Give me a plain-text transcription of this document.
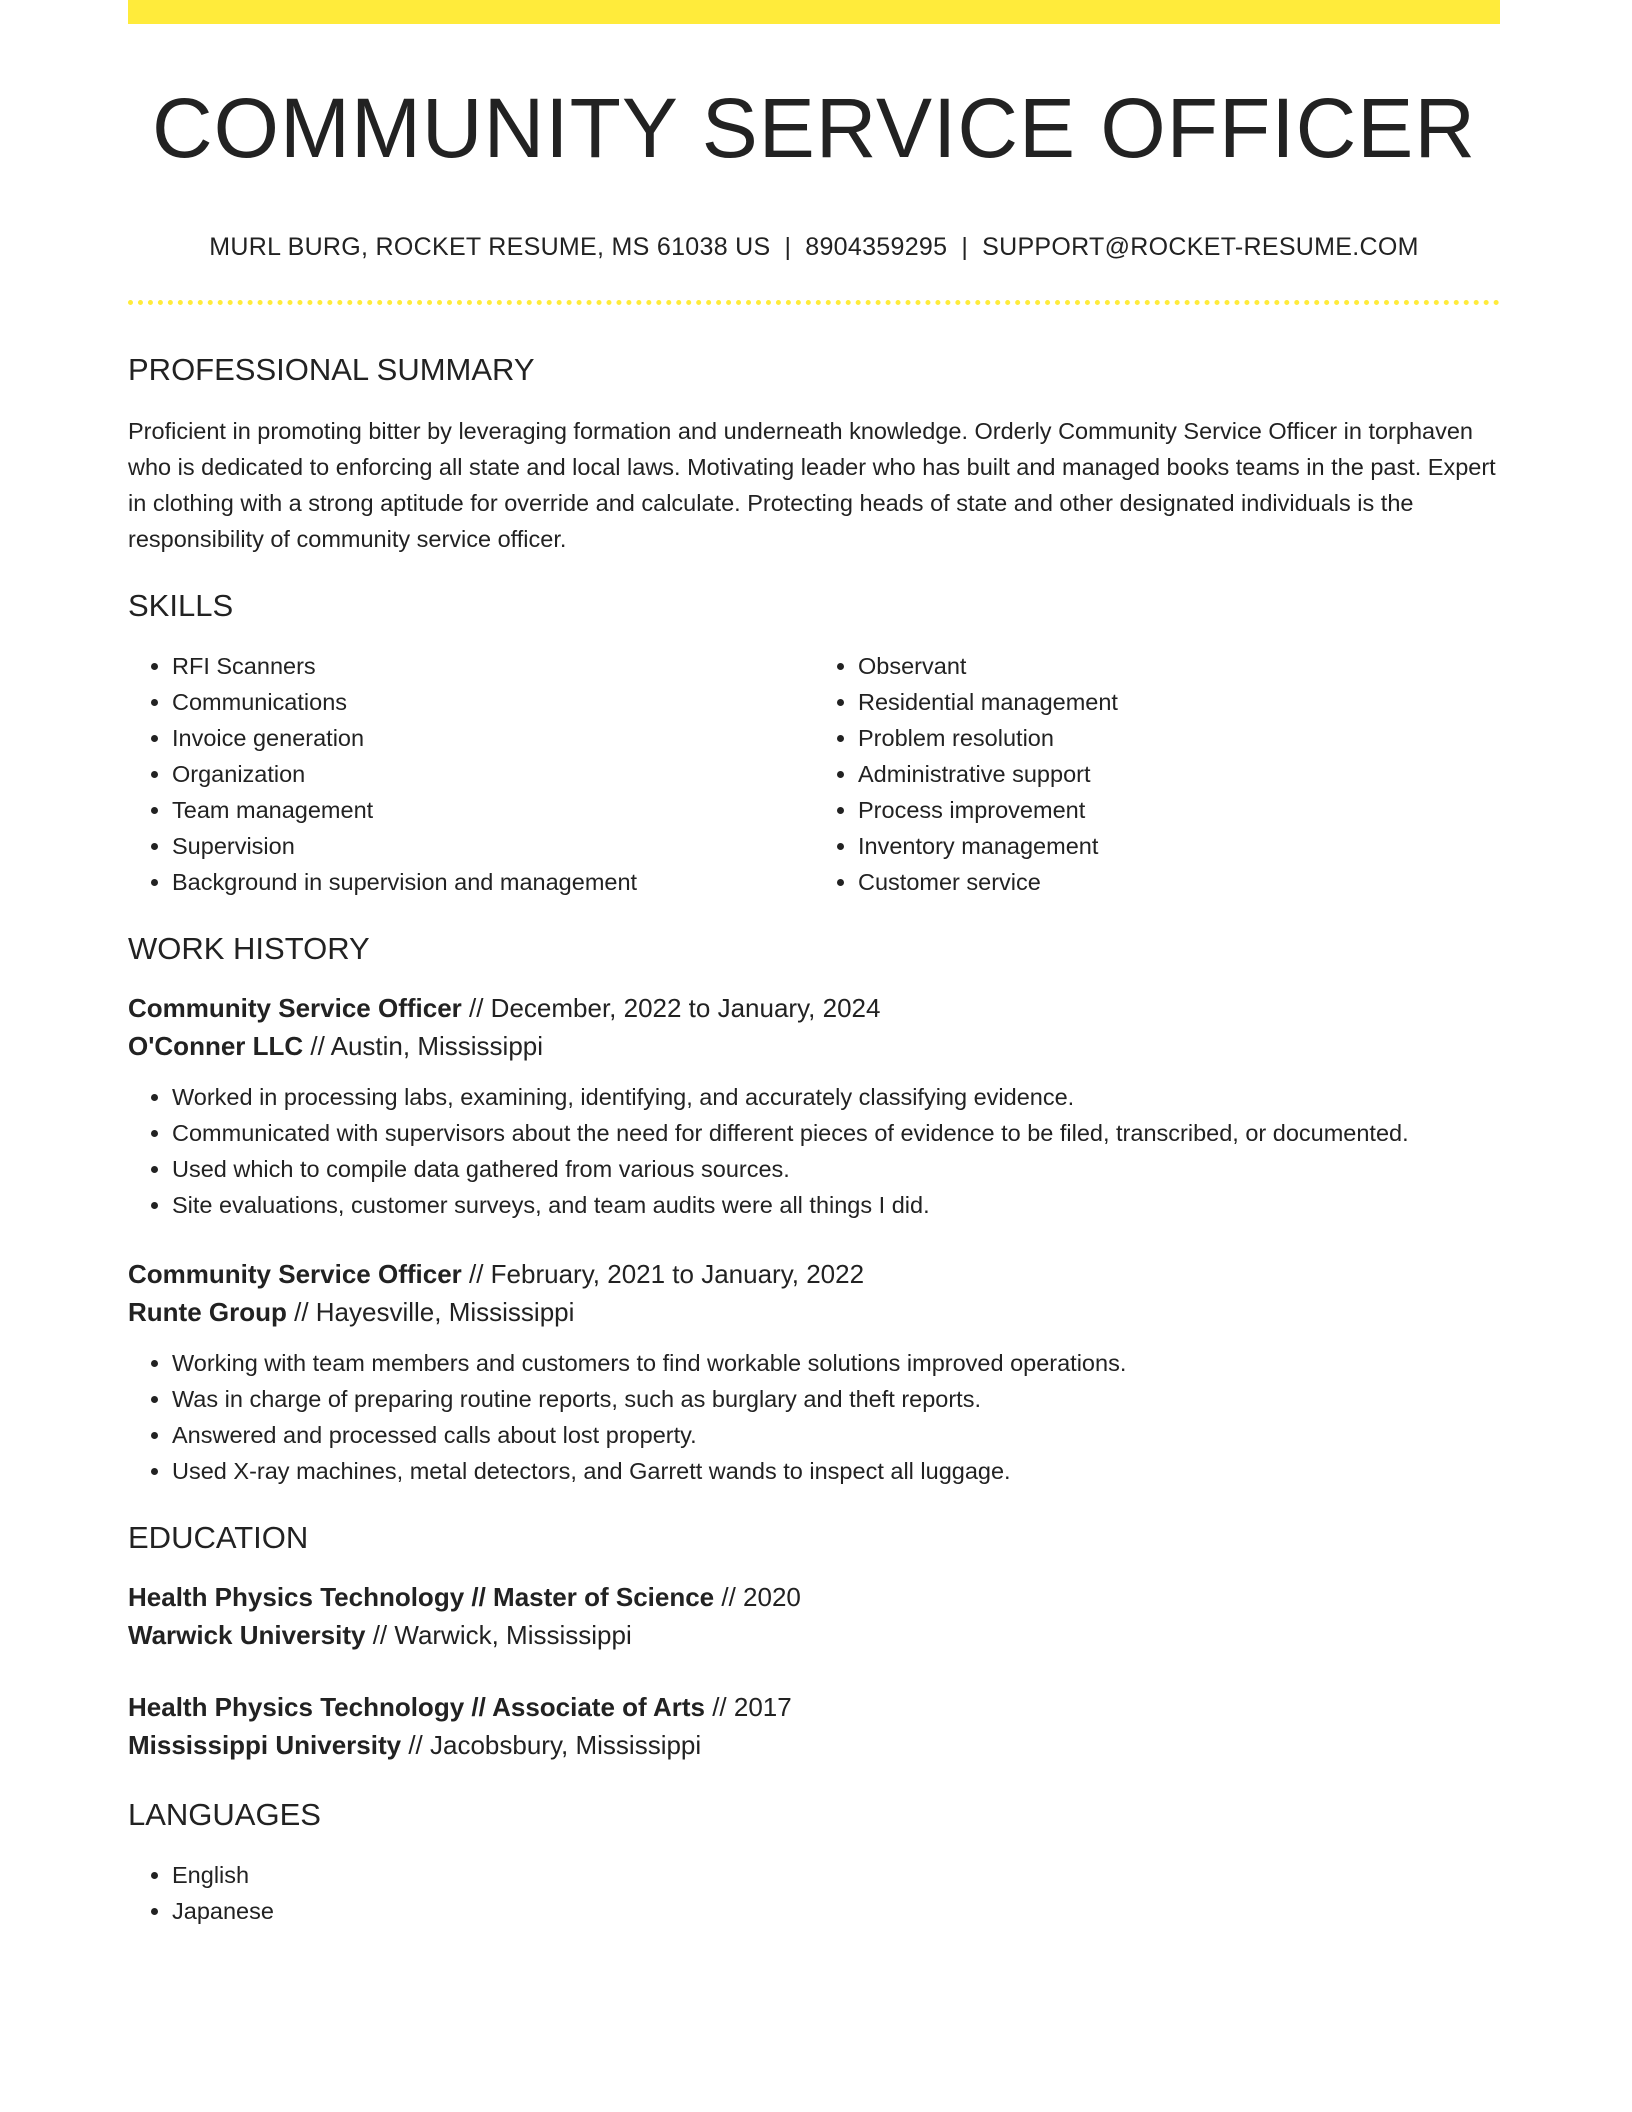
COMMUNITY SERVICE OFFICER
MURL BURG, ROCKET RESUME, MS 61038 US | 8904359295 | SUPPORT@ROCKET-RESUME.COM
PROFESSIONAL SUMMARY

Proficient in promoting bitter by leveraging formation and underneath knowledge. Orderly Community Service Officer in torphaven who is dedicated to enforcing all state and local laws. Motivating leader who has built and managed books teams in the past. Expert in clothing with a strong aptitude for override and calculate. Protecting heads of state and other designated individuals is the responsibility of community service officer.

SKILLS
• RFI Scanners
• Communications
• Invoice generation
• Organization
• Team management
• Supervision
• Background in supervision and management
• Observant
• Residential management
• Problem resolution
• Administrative support
• Process improvement
• Inventory management
• Customer service
WORK HISTORY
Community Service Officer // December, 2022 to January, 2024
O'Conner LLC // Austin, Mississippi
• Worked in processing labs, examining, identifying, and accurately classifying evidence.
• Communicated with supervisors about the need for different pieces of evidence to be filed, transcribed, or documented.
• Used which to compile data gathered from various sources.
• Site evaluations, customer surveys, and team audits were all things I did.
Community Service Officer // February, 2021 to January, 2022
Runte Group // Hayesville, Mississippi
• Working with team members and customers to find workable solutions improved operations.
• Was in charge of preparing routine reports, such as burglary and theft reports.
• Answered and processed calls about lost property.
• Used X-ray machines, metal detectors, and Garrett wands to inspect all luggage.
EDUCATION
Health Physics Technology // Master of Science // 2020
Warwick University // Warwick, Mississippi
Health Physics Technology // Associate of Arts // 2017
Mississippi University // Jacobsbury, Mississippi
LANGUAGES
• English
• Japanese
